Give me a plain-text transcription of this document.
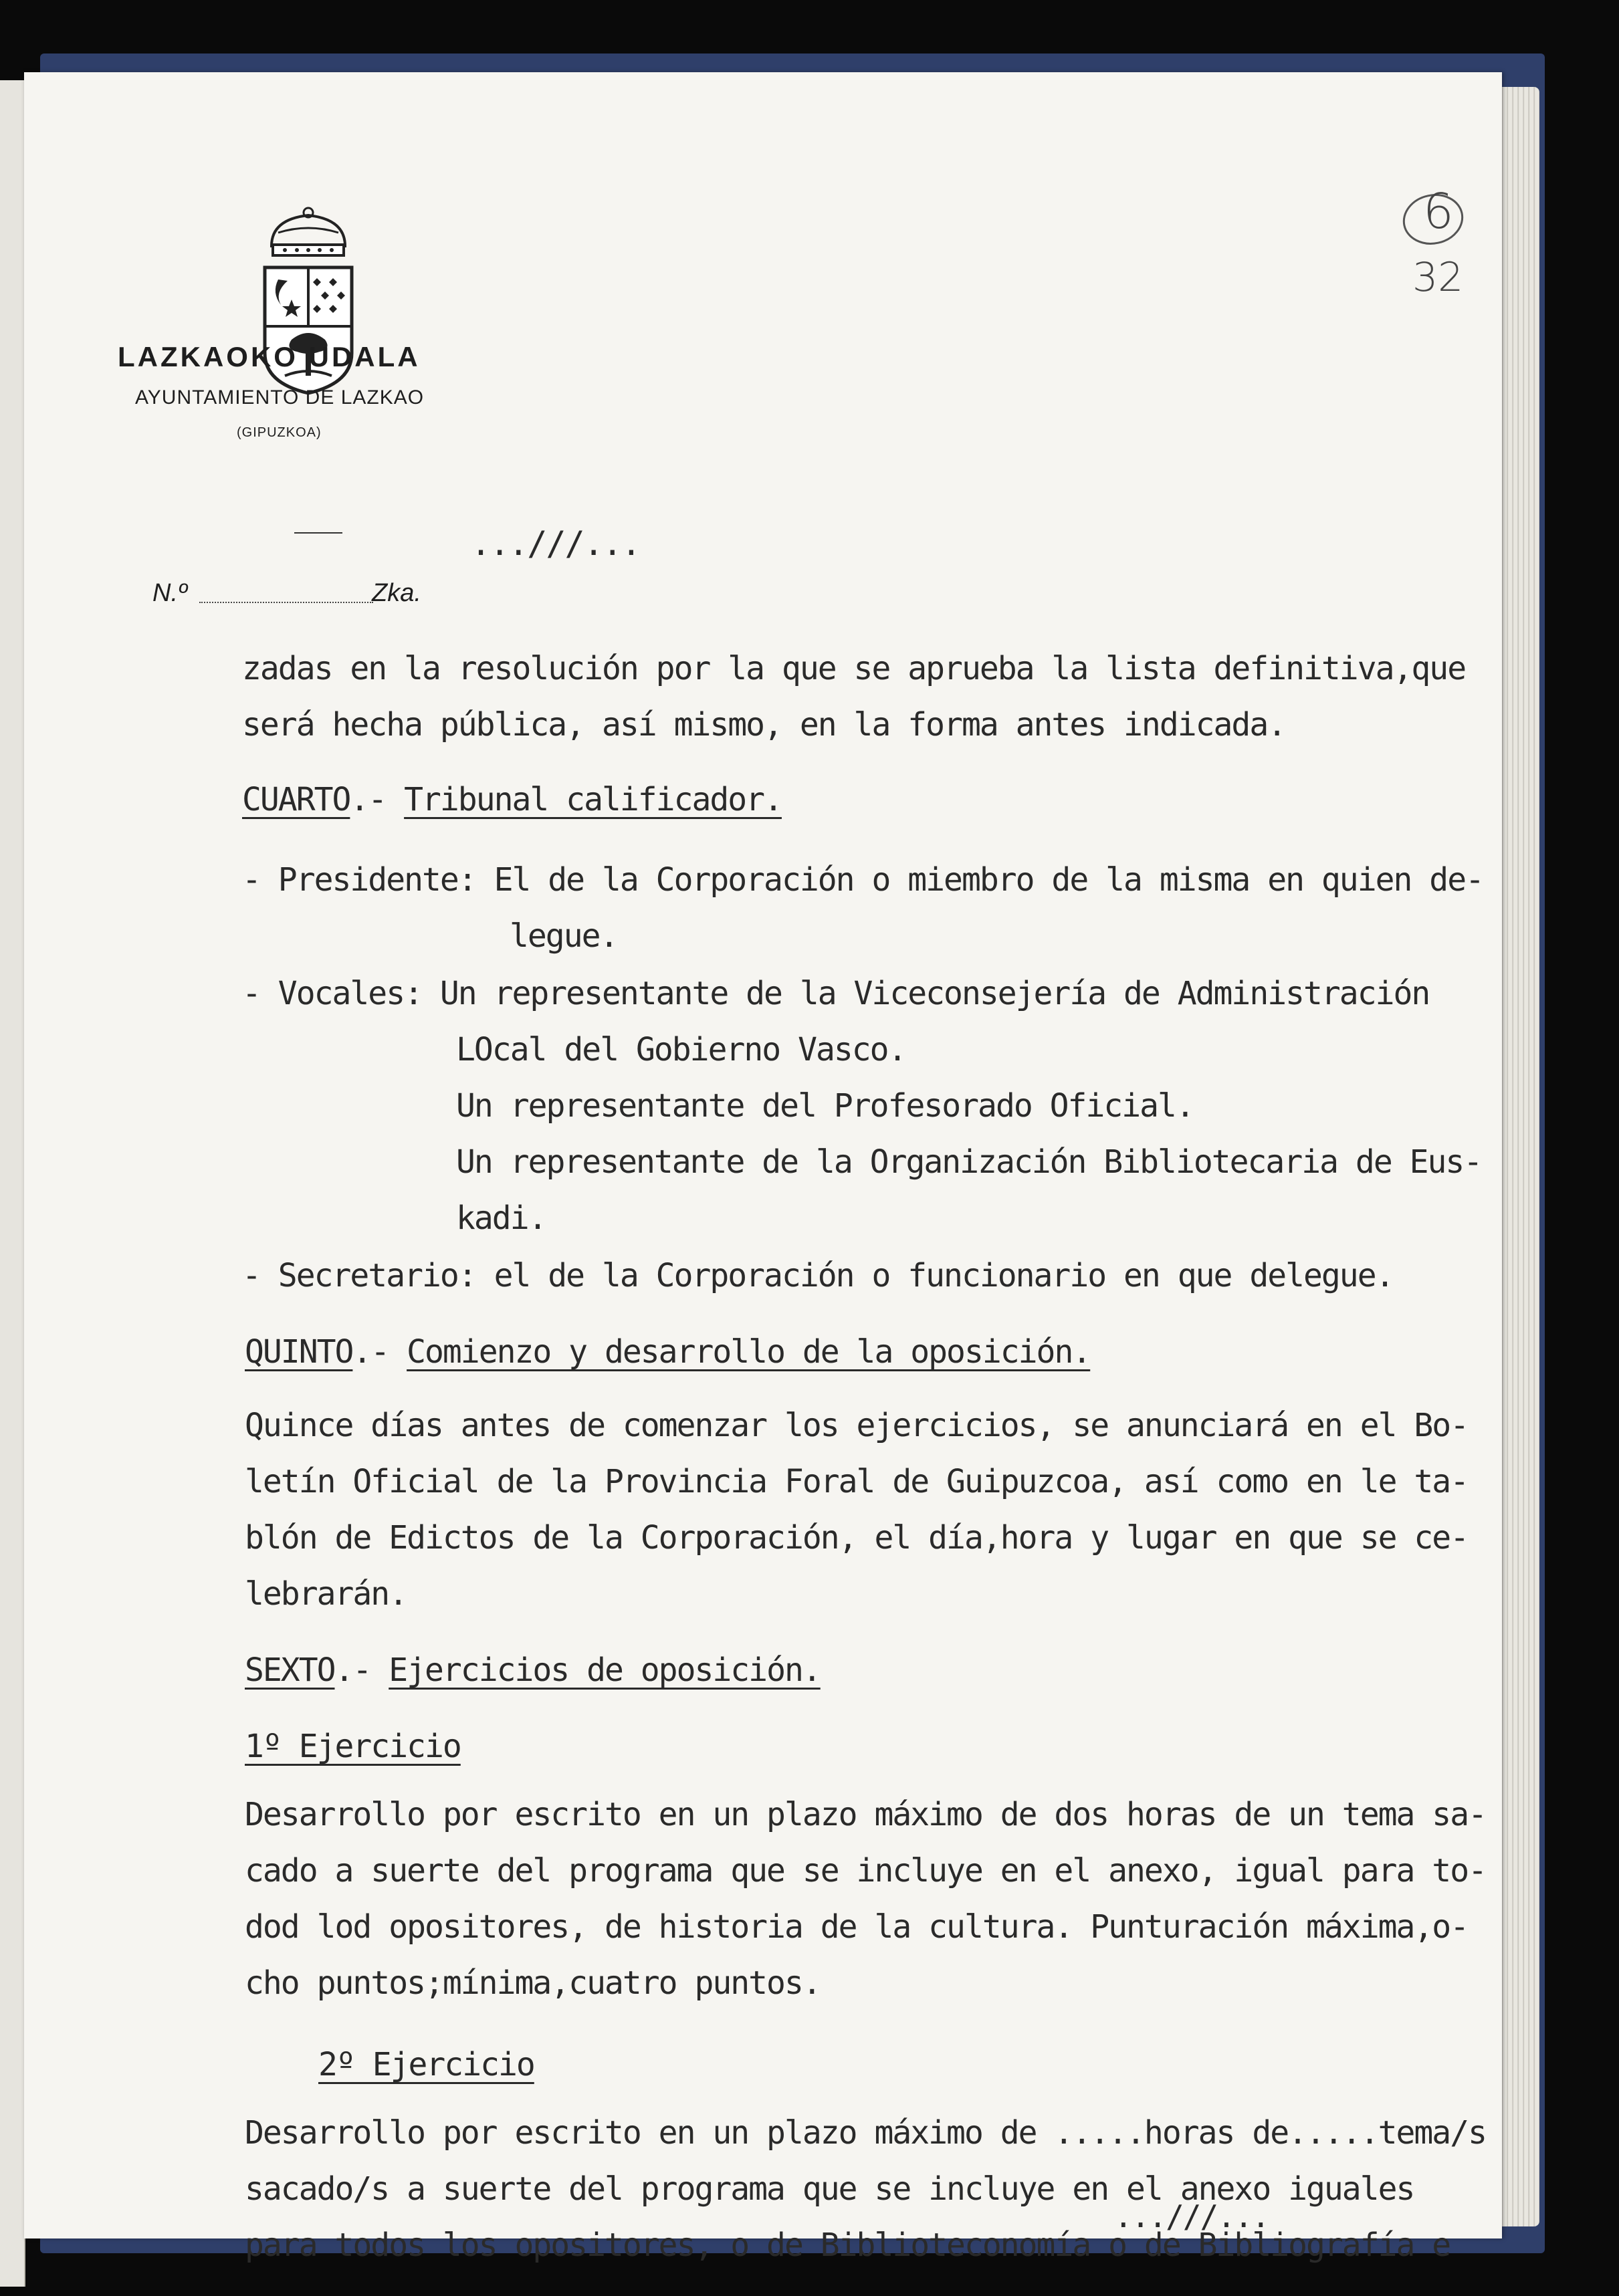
LAZKAOKO UDALA
AYUNTAMIENTO DE LAZKAO
(GIPUZKOA)
N.º	Zka.
6
32
...///...
zadas en la resolución por la que se aprueba la lista definitiva,que
será hecha pública, así mismo, en la forma antes indicada.
CUARTO.- Tribunal calificador.
- Presidente: El de la Corporación o miembro de la misma en quien de-
legue.
- Vocales: Un representante de la Viceconsejería de Administración
LOcal del Gobierno Vasco.
Un representante del Profesorado Oficial.
Un representante de la Organización Bibliotecaria de Eus-
kadi.
- Secretario: el de la Corporación o funcionario en que delegue.
QUINTO.- Comienzo y desarrollo de la oposición.
Quince días antes de comenzar los ejercicios, se anunciará en el Bo-
letín Oficial de la Provincia Foral de Guipuzcoa, así como en le ta-
blón de Edictos de la Corporación, el día,hora y lugar en que se ce-
lebrarán.
SEXTO.- Ejercicios de oposición.
1º Ejercicio
Desarrollo por escrito en un plazo máximo de dos horas de un tema sa-
cado a suerte del programa que se incluye en el anexo, igual para to-
dod lod opositores, de historia de la cultura. Punturación máxima,o-
cho puntos;mínima,cuatro puntos.
2º Ejercicio
Desarrollo por escrito en un plazo máximo de .....horas de.....tema/s
sacado/s a suerte del programa que se incluye en el anexo iguales
para todos los opositores, o de Biblioteconomía o de Bibliografía e
...///...
